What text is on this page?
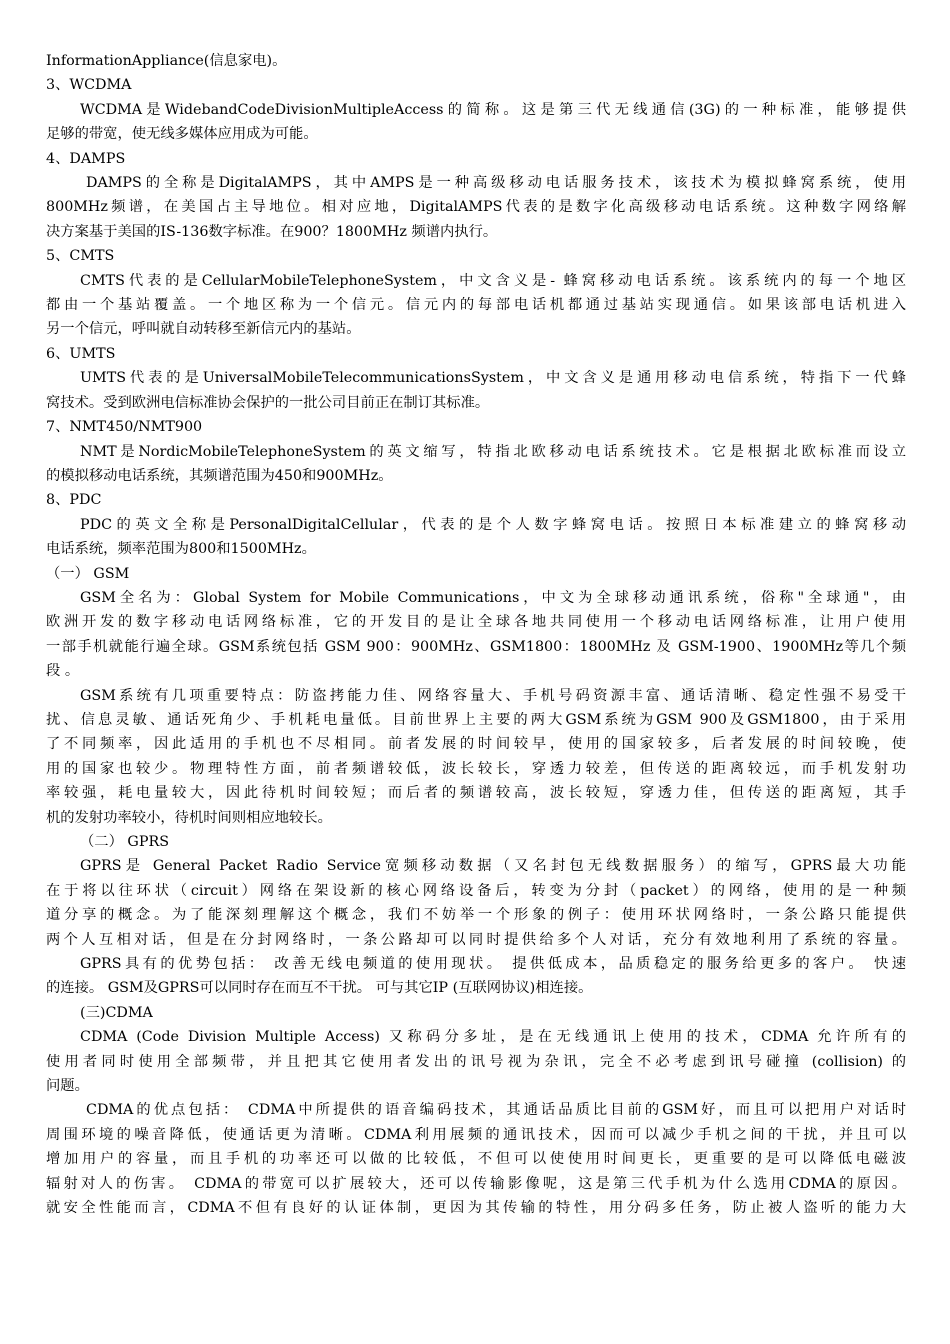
InformationAppliance(信息家电)。
3、WCDMA
WCDMA是WidebandCodeDivisionMultipleAccess的简称。这是第三代无线通信(3G)的一种标准，能够提供
足够的带宽，使无线多媒体应用成为可能。
4、DAMPS
DAMPS的全称是DigitalAMPS，其中AMPS是一种高级移动电话服务技术，该技术为模拟蜂窝系统，使用
800MHz频谱，在美国占主导地位。相对应地，DigitalAMPS代表的是数字化高级移动电话系统。这种数字网络解
决方案基于美国的IS-136数字标准。在900？1800MHz 频谱内执行。
5、CMTS
CMTS代表的是CellularMobileTelephoneSystem，中文含义是- 蜂窝移动电话系统。该系统内的每一个地区
都由一个基站覆盖。一个地区称为一个信元。信元内的每部电话机都通过基站实现通信。如果该部电话机进入
另一个信元，呼叫就自动转移至新信元内的基站。
6、UMTS
UMTS代表的是UniversalMobileTelecommunicationsSystem，中文含义是通用移动电信系统，特指下一代蜂
窝技术。受到欧洲电信标准协会保护的一批公司目前正在制订其标准。
7、NMT450/NMT900
NMT是NordicMobileTelephoneSystem的英文缩写，特指北欧移动电话系统技术。它是根据北欧标准而设立
的模拟移动电话系统，其频谱范围为450和900MHz。
8、PDC
PDC的英文全称是PersonalDigitalCellular，代表的是个人数字蜂窝电话。按照日本标准建立的蜂窝移动
电话系统，频率范围为800和1500MHz。
（一） GSM
GSM全名为：Global System for Mobile Communications，中文为全球移动通讯系统，俗称"全球通"，由
欧洲开发的数字移动电话网络标准，它的开发目的是让全球各地共同使用一个移动电话网络标准，让用户使用
一部手机就能行遍全球。GSM系统包括 GSM 900：900MHz、GSM1800：1800MHz 及 GSM-1900、1900MHz等几个频
段 。
GSM系统有几项重要特点：防盗拷能力佳、网络容量大、手机号码资源丰富、通话清晰、稳定性强不易受干
扰、信息灵敏、通话死角少、手机耗电量低。目前世界上主要的两大GSM系统为GSM 900及GSM1800，由于采用
了不同频率，因此适用的手机也不尽相同。前者发展的时间较早，使用的国家较多，后者发展的时间较晚，使
用的国家也较少。物理特性方面，前者频谱较低，波长较长，穿透力较差，但传送的距离较远，而手机发射功
率较强，耗电量较大，因此待机时间较短；而后者的频谱较高，波长较短，穿透力佳，但传送的距离短，其手
机的发射功率较小，待机时间则相应地较长。
（二） GPRS
GPRS是 General Packet Radio Service宽频移动数据（又名封包无线数据服务）的缩写，GPRS最大功能
在于将以往环状（circuit）网络在架设新的核心网络设备后，转变为分封（packet）的网络，使用的是一种频
道分享的概念。为了能深刻理解这个概念，我们不妨举一个形象的例子：使用环状网络时，一条公路只能提供
两个人互相对话，但是在分封网络时，一条公路却可以同时提供给多个人对话，充分有效地利用了系统的容量。
GPRS具有的优势包括： 改善无线电频道的使用现状。 提供低成本，品质稳定的服务给更多的客户。 快速
的连接。 GSM及GPRS可以同时存在而互不干扰。 可与其它IP (互联网协议)相连接。
(三)CDMA
CDMA (Code Division Multiple Access) 又称码分多址，是在无线通讯上使用的技术，CDMA 允许所有的
使用者同时使用全部频带，并且把其它使用者发出的讯号视为杂讯，完全不必考虑到讯号碰撞 (collision) 的
问题。
CDMA的优点包括： CDMA中所提供的语音编码技术，其通话品质比目前的GSM好，而且可以把用户对话时
周围环境的噪音降低，使通话更为清晰。CDMA利用展频的通讯技术，因而可以减少手机之间的干扰，并且可以
增加用户的容量，而且手机的功率还可以做的比较低，不但可以使使用时间更长，更重要的是可以降低电磁波
辐射对人的伤害。 CDMA的带宽可以扩展较大，还可以传输影像呢，这是第三代手机为什么选用CDMA的原因。
就安全性能而言，CDMA不但有良好的认证体制，更因为其传输的特性，用分码多任务，防止被人盗听的能力大
